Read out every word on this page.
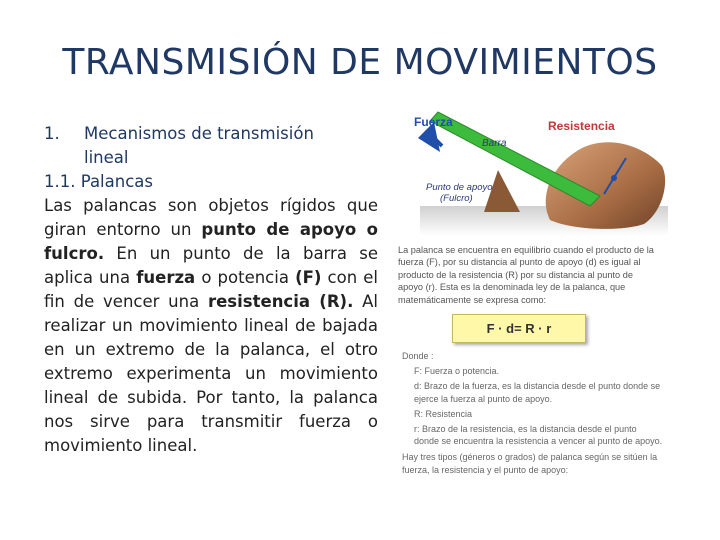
TRANSMISIÓN DE MOVIMIENTOS
1. Mecanismos de transmisión
lineal
1.1. Palancas
Las palancas son objetos rígidos que giran entorno un punto de apoyo o fulcro. En un punto de la barra se aplica una fuerza o potencia (F) con el fin de vencer una resistencia (R). Al realizar un movimiento lineal de bajada en un extremo de la palanca, el otro extremo experimenta un movimiento lineal de subida. Por tanto, la palanca nos sirve para transmitir fuerza o movimiento lineal.
Fuerza
Barra
Resistencia
Punto de apoyo
(Fulcro)

La palanca se encuentra en equilibrio cuando el producto de la fuerza (F), por su distancia al punto de apoyo (d) es igual al producto de la resistencia (R) por su distancia al punto de apoyo (r). Esta es la denominada ley de la palanca, que matemáticamente se expresa como:

F · d= R · r
Donde :
F: Fuerza o potencia.
d: Brazo de la fuerza, es la distancia desde el punto donde se ejerce la fuerza al punto de apoyo.
R: Resistencia
r: Brazo de la resistencia, es la distancia desde el punto donde se encuentra la resistencia a vencer al punto de apoyo.
Hay tres tipos (géneros o grados) de palanca según se sitúen la fuerza, la resistencia y el punto de apoyo:
